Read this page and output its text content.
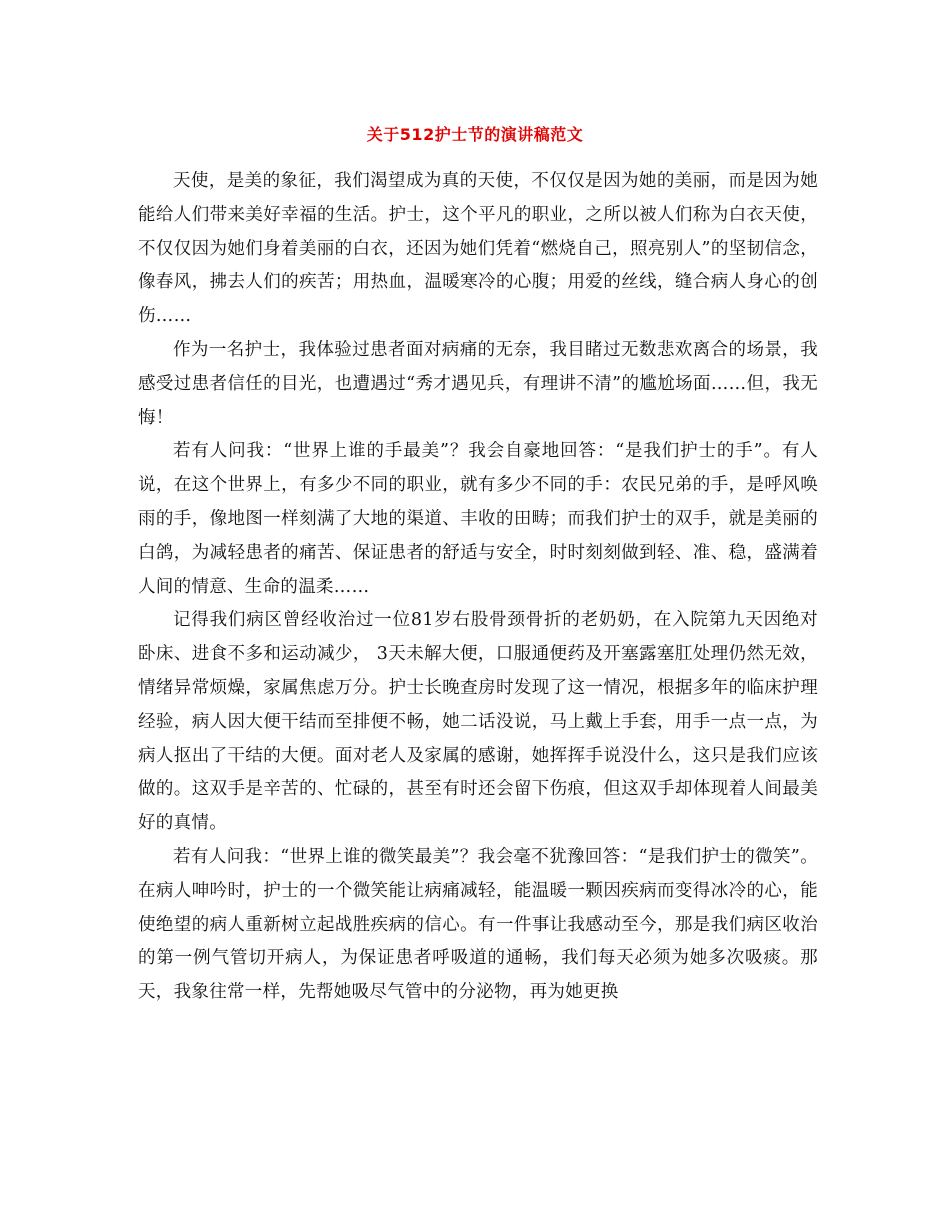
关于512护士节的演讲稿范文

天使，是美的象征，我们渴望成为真的天使，不仅仅是因为她的美丽，而是因为她能给人们带来美好幸福的生活。护士，这个平凡的职业，之所以被人们称为白衣天使，不仅仅因为她们身着美丽的白衣，还因为她们凭着“燃烧自己，照亮别人”的坚韧信念，像春风，拂去人们的疾苦；用热血，温暖寒冷的心腹；用爱的丝线，缝合病人身心的创伤……

作为一名护士，我体验过患者面对病痛的无奈，我目睹过无数悲欢离合的场景，我感受过患者信任的目光，也遭遇过“秀才遇见兵，有理讲不清”的尴尬场面……但，我无悔！

若有人问我：“世界上谁的手最美”？我会自豪地回答：“是我们护士的手”。有人说，在这个世界上，有多少不同的职业，就有多少不同的手：农民兄弟的手，是呼风唤雨的手，像地图一样刻满了大地的渠道、丰收的田畴；而我们护士的双手，就是美丽的白鸽，为减轻患者的痛苦、保证患者的舒适与安全，时时刻刻做到轻、准、稳，盛满着人间的情意、生命的温柔……

记得我们病区曾经收治过一位81岁右股骨颈骨折的老奶奶，在入院第九天因绝对卧床、进食不多和运动减少， 3天未解大便，口服通便药及开塞露塞肛处理仍然无效，情绪异常烦燥，家属焦虑万分。护士长晚查房时发现了这一情况，根据多年的临床护理经验，病人因大便干结而至排便不畅，她二话没说，马上戴上手套，用手一点一点，为病人抠出了干结的大便。面对老人及家属的感谢，她挥挥手说没什么，这只是我们应该做的。这双手是辛苦的、忙碌的，甚至有时还会留下伤痕，但这双手却体现着人间最美好的真情。

若有人问我：“世界上谁的微笑最美”？我会毫不犹豫回答：“是我们护士的微笑”。在病人呻吟时，护士的一个微笑能让病痛减轻，能温暖一颗因疾病而变得冰冷的心，能使绝望的病人重新树立起战胜疾病的信心。有一件事让我感动至今，那是我们病区收治的第一例气管切开病人，为保证患者呼吸道的通畅，我们每天必须为她多次吸痰。那天，我象往常一样，先帮她吸尽气管中的分泌物，再为她更换
